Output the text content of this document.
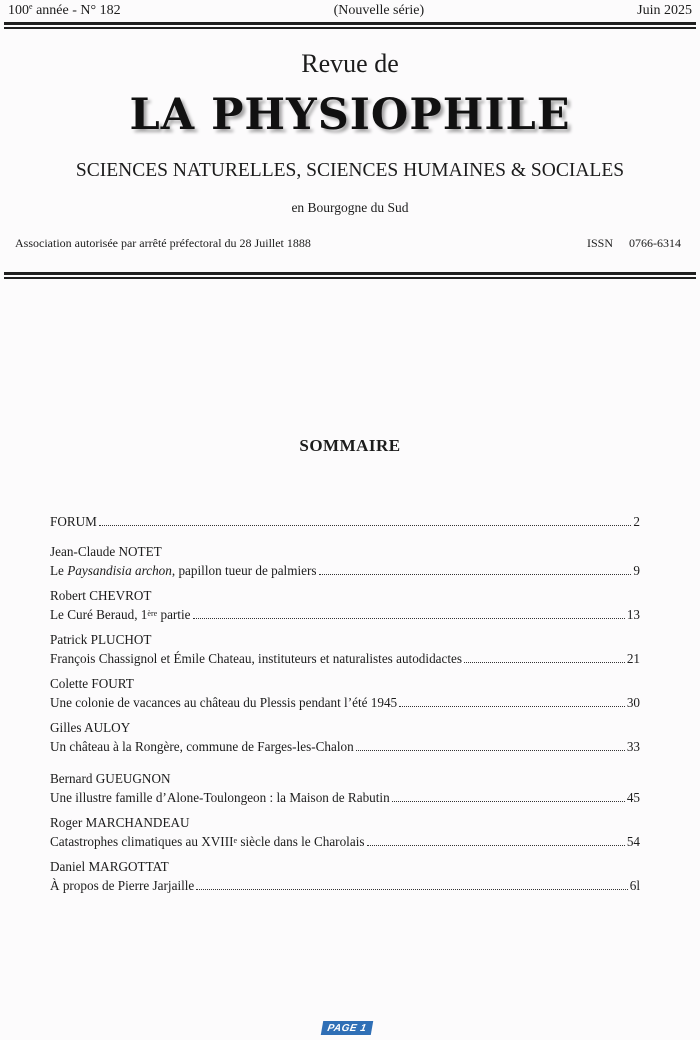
100e année - N° 182	(Nouvelle série)	Juin 2025
Revue de
LA PHYSIOPHILE
SCIENCES NATURELLES, SCIENCES HUMAINES & SOCIALES
en Bourgogne du Sud
Association autorisée par arrêté préfectoral du 28 Juillet 1888	ISSN 0766-6314
SOMMAIRE
FORUM	2
Jean-Claude NOTET
Le Paysandisia archon, papillon tueur de palmiers	9
Robert CHEVROT
Le Curé Beraud, 1ère partie	13
Patrick PLUCHOT
François Chassignol et Émile Chateau, instituteurs et naturalistes autodidactes	21
Colette FOURT
Une colonie de vacances au château du Plessis pendant l’été 1945	30
Gilles AULOY
Un château à la Rongère, commune de Farges-les-Chalon	33
Bernard GUEUGNON
Une illustre famille d’Alone-Toulongeon : la Maison de Rabutin	45
Roger MARCHANDEAU
Catastrophes climatiques au XVIIIe siècle dans le Charolais	54
Daniel MARGOTTAT
À propos de Pierre Jarjaille	6l
PAGE 1
